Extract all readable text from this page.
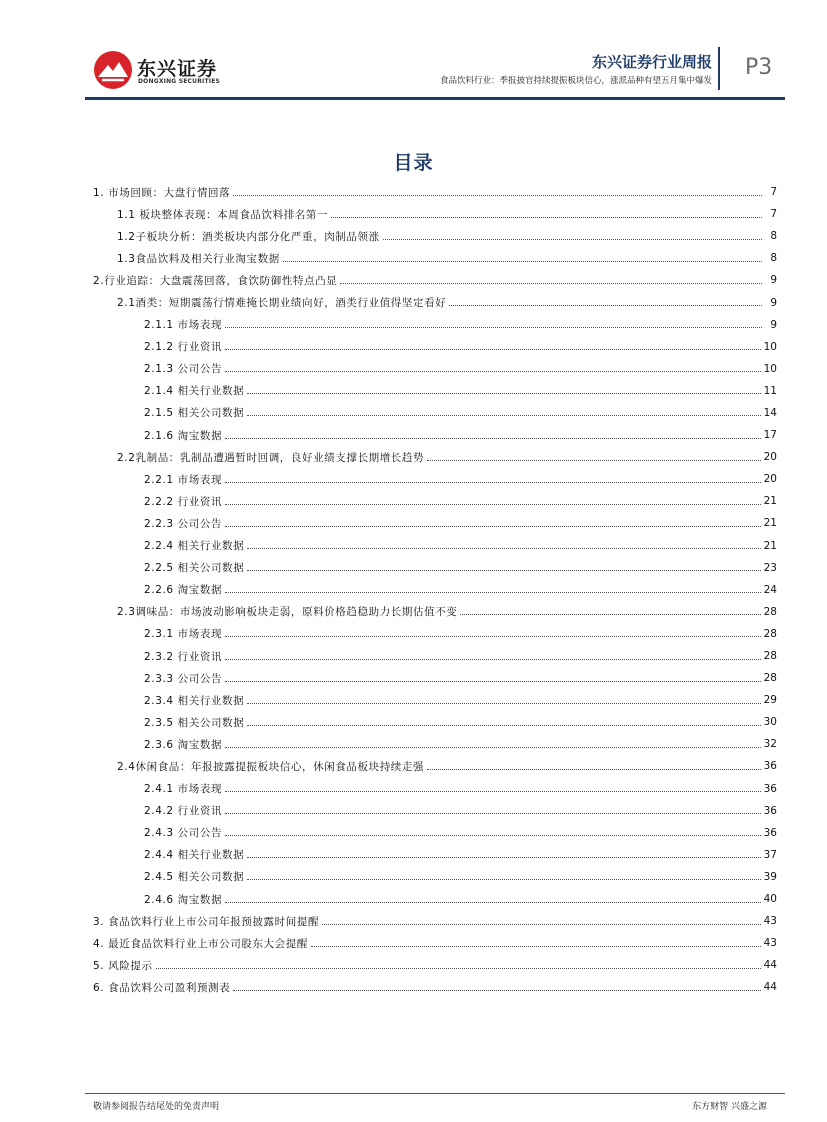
东兴证券
DONGXING SECURITIES
东兴证券行业周报
食品饮料行业：季报披官持续提振板块信心，涨派品种有望五月集中爆发
P3
目录
1. 市场回顾：大盘行情回落	7
1.1 板块整体表现：本周食品饮料排名第一	7
1.2子板块分析：酒类板块内部分化严重，肉制品领涨	8
1.3食品饮料及相关行业淘宝数据	8
2.行业追踪：大盘震荡回落，食饮防御性特点凸显	9
2.1酒类：短期震荡行情难掩长期业绩向好，酒类行业值得坚定看好	9
2.1.1 市场表现	9
2.1.2 行业资讯	10
2.1.3 公司公告	10
2.1.4 相关行业数据	11
2.1.5 相关公司数据	14
2.1.6 淘宝数据	17
2.2乳制品：乳制品遭遇暂时回调，良好业绩支撑长期增长趋势	20
2.2.1 市场表现	20
2.2.2 行业资讯	21
2.2.3 公司公告	21
2.2.4 相关行业数据	21
2.2.5 相关公司数据	23
2.2.6 淘宝数据	24
2.3调味品：市场波动影响板块走弱，原料价格趋稳助力长期估值不变	28
2.3.1 市场表现	28
2.3.2 行业资讯	28
2.3.3 公司公告	28
2.3.4 相关行业数据	29
2.3.5 相关公司数据	30
2.3.6 淘宝数据	32
2.4休闲食品：年报披露提振板块信心，休闲食品板块持续走强	36
2.4.1 市场表现	36
2.4.2 行业资讯	36
2.4.3 公司公告	36
2.4.4 相关行业数据	37
2.4.5 相关公司数据	39
2.4.6 淘宝数据	40
3. 食品饮料行业上市公司年报预披露时间提醒	43
4. 最近食品饮料行业上市公司股东大会提醒	43
5. 风险提示	44
6. 食品饮料公司盈利预测表	44
敬请参阅报告结尾处的免责声明	东方财智 兴盛之源
